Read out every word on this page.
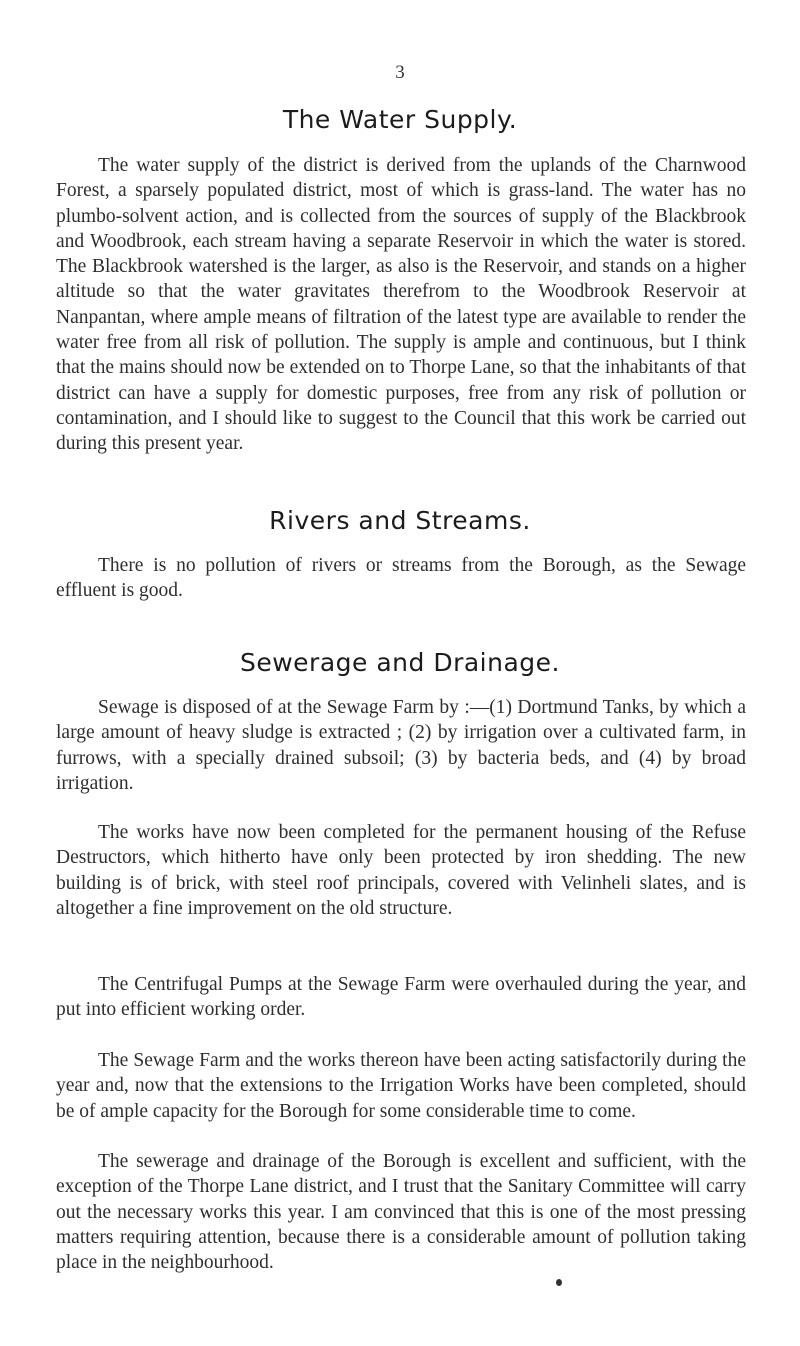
3
The Water Supply.

The water supply of the district is derived from the uplands of the Charnwood Forest, a sparsely populated district, most of which is grass-land. The water has no plumbo-solvent action, and is collected from the sources of supply of the Blackbrook and Woodbrook, each stream having a separate Reservoir in which the water is stored. The Blackbrook watershed is the larger, as also is the Reservoir, and stands on a higher altitude so that the water gravitates therefrom to the Woodbrook Reservoir at Nanpantan, where ample means of filtration of the latest type are available to render the water free from all risk of pollution. The supply is ample and continuous, but I think that the mains should now be extended on to Thorpe Lane, so that the inhabitants of that district can have a supply for domestic purposes, free from any risk of pollution or contamination, and I should like to suggest to the Council that this work be carried out during this present year.

Rivers and Streams.

There is no pollution of rivers or streams from the Borough, as the Sewage effluent is good.

Sewerage and Drainage.

Sewage is disposed of at the Sewage Farm by :—(1) Dortmund Tanks, by which a large amount of heavy sludge is extracted ; (2) by irrigation over a cultivated farm, in furrows, with a specially drained subsoil; (3) by bacteria beds, and (4) by broad irrigation.

The works have now been completed for the permanent housing of the Refuse Destructors, which hitherto have only been protected by iron shedding. The new building is of brick, with steel roof principals, covered with Velinheli slates, and is altogether a fine improvement on the old structure.

The Centrifugal Pumps at the Sewage Farm were overhauled during the year, and put into efficient working order.

The Sewage Farm and the works thereon have been acting satisfactorily during the year and, now that the extensions to the Irrigation Works have been completed, should be of ample capacity for the Borough for some considerable time to come.

The sewerage and drainage of the Borough is excellent and sufficient, with the exception of the Thorpe Lane district, and I trust that the Sanitary Committee will carry out the necessary works this year. I am convinced that this is one of the most pressing matters requiring attention, because there is a considerable amount of pollution taking place in the neighbourhood.
